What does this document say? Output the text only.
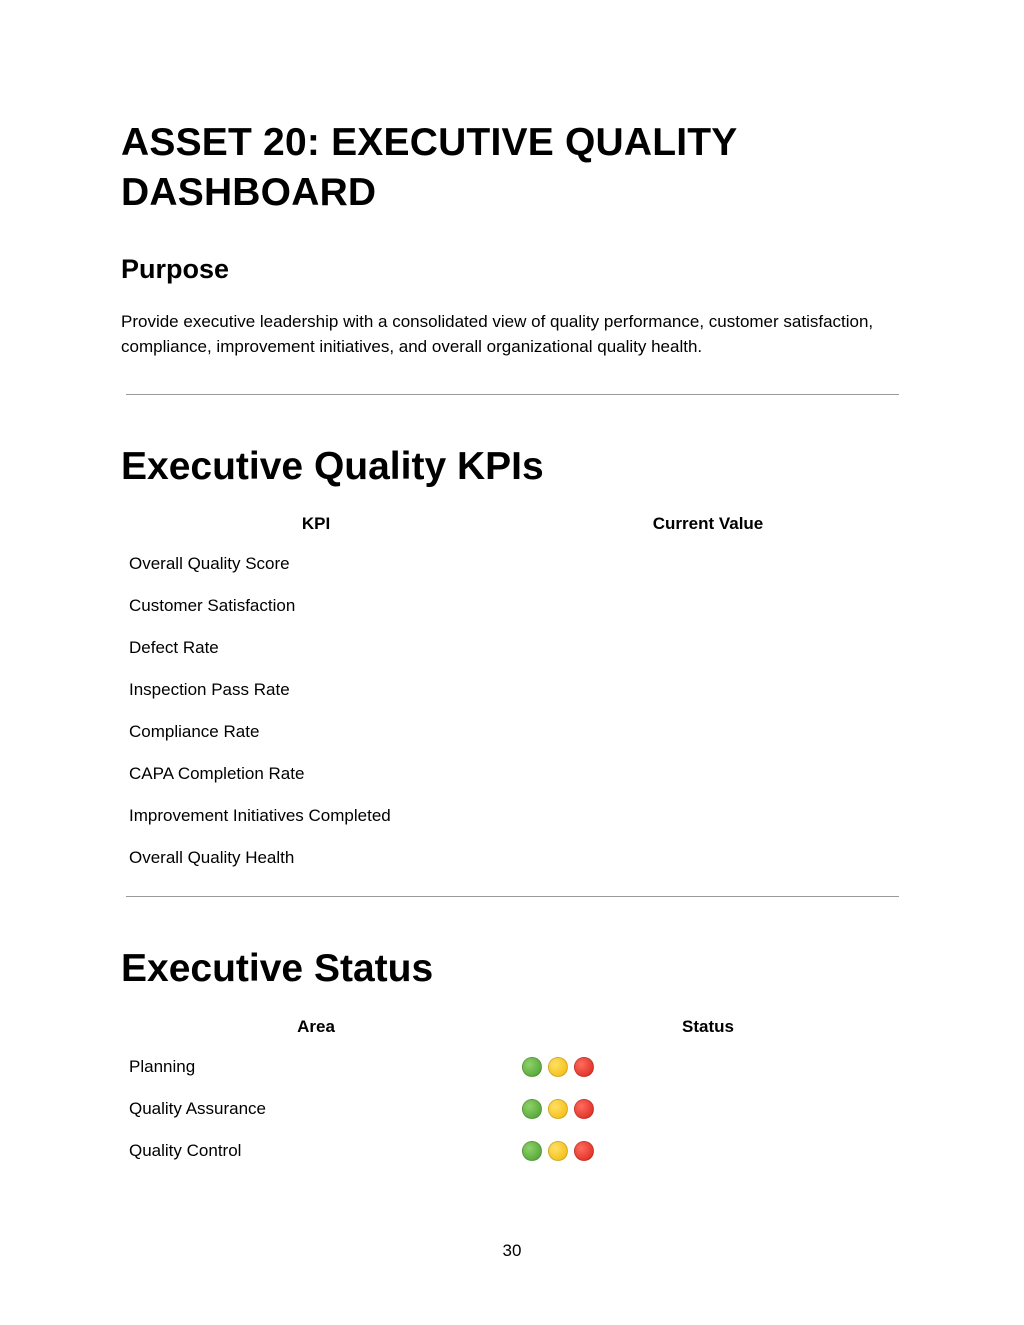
ASSET 20: EXECUTIVE QUALITY DASHBOARD
Purpose

Provide executive leadership with a consolidated view of quality performance, customer satisfaction, compliance, improvement initiatives, and overall organizational quality health.

Executive Quality KPIs
KPI	Current Value
Overall Quality Score
Customer Satisfaction
Defect Rate
Inspection Pass Rate
Compliance Rate
CAPA Completion Rate
Improvement Initiatives Completed
Overall Quality Health
Executive Status
Area	Status
Planning
Quality Assurance
Quality Control
30
